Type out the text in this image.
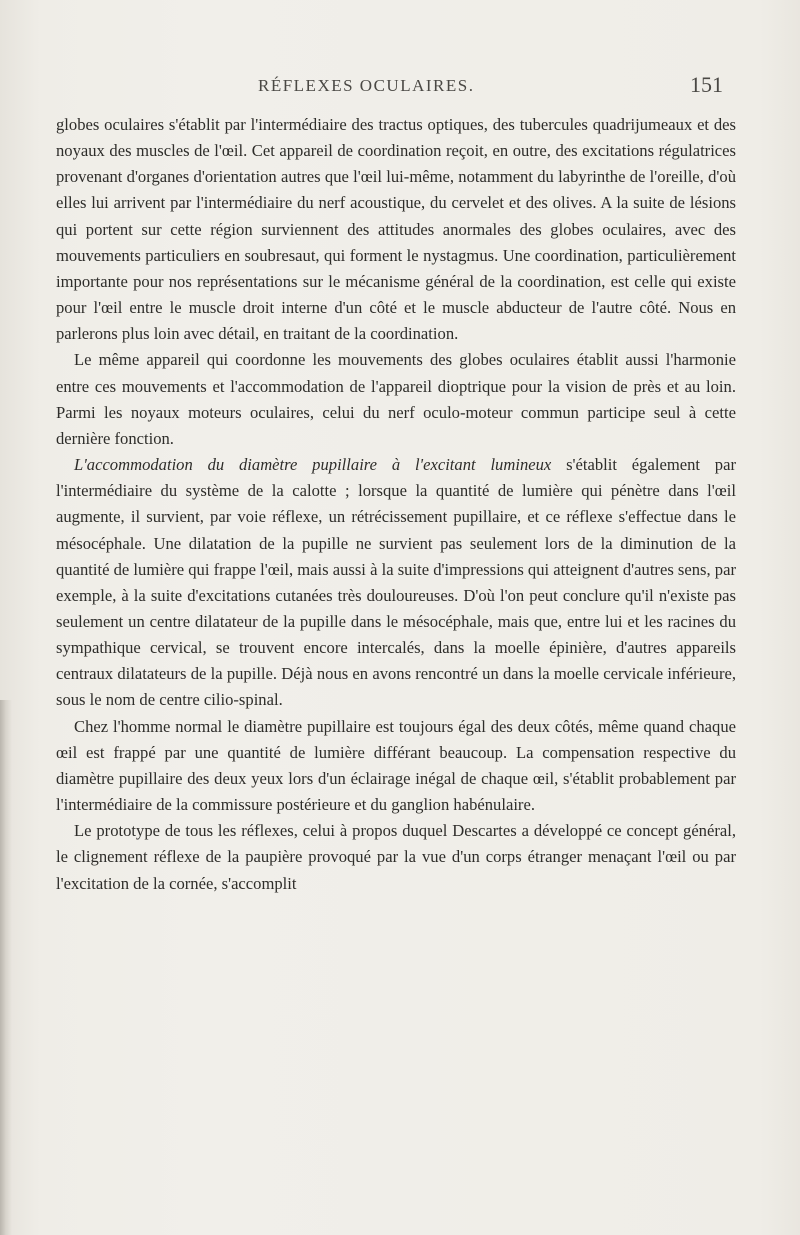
RÉFLEXES OCULAIRES.	151

globes oculaires s'établit par l'intermédiaire des tractus optiques, des tubercules quadrijumeaux et des noyaux des muscles de l'œil. Cet appareil de coordination reçoit, en outre, des excitations régulatrices provenant d'organes d'orientation autres que l'œil lui-même, notamment du labyrinthe de l'oreille, d'où elles lui arrivent par l'intermédiaire du nerf acoustique, du cervelet et des olives. A la suite de lésions qui portent sur cette région surviennent des attitudes anormales des globes oculaires, avec des mouvements particuliers en soubresaut, qui forment le nystagmus. Une coordination, particulièrement importante pour nos représentations sur le mécanisme général de la coordination, est celle qui existe pour l'œil entre le muscle droit interne d'un côté et le muscle abducteur de l'autre côté. Nous en parlerons plus loin avec détail, en traitant de la coordination.

Le même appareil qui coordonne les mouvements des globes oculaires établit aussi l'harmonie entre ces mouvements et l'accommodation de l'appareil dioptrique pour la vision de près et au loin. Parmi les noyaux moteurs oculaires, celui du nerf oculo-moteur commun participe seul à cette dernière fonction.

L'accommodation du diamètre pupillaire à l'excitant lumineux s'établit également par l'intermédiaire du système de la calotte ; lorsque la quantité de lumière qui pénètre dans l'œil augmente, il survient, par voie réflexe, un rétrécissement pupillaire, et ce réflexe s'effectue dans le mésocéphale. Une dilatation de la pupille ne survient pas seulement lors de la diminution de la quantité de lumière qui frappe l'œil, mais aussi à la suite d'impressions qui atteignent d'autres sens, par exemple, à la suite d'excitations cutanées très douloureuses. D'où l'on peut conclure qu'il n'existe pas seulement un centre dilatateur de la pupille dans le mésocéphale, mais que, entre lui et les racines du sympathique cervical, se trouvent encore intercalés, dans la moelle épinière, d'autres appareils centraux dilatateurs de la pupille. Déjà nous en avons rencontré un dans la moelle cervicale inférieure, sous le nom de centre cilio-spinal.

Chez l'homme normal le diamètre pupillaire est toujours égal des deux côtés, même quand chaque œil est frappé par une quantité de lumière différant beaucoup. La compensation respective du diamètre pupillaire des deux yeux lors d'un éclairage inégal de chaque œil, s'établit probablement par l'intermédiaire de la commissure postérieure et du ganglion habénulaire.

Le prototype de tous les réflexes, celui à propos duquel Descartes a développé ce concept général, le clignement réflexe de la paupière provoqué par la vue d'un corps étranger menaçant l'œil ou par l'excitation de la cornée, s'accomplit
